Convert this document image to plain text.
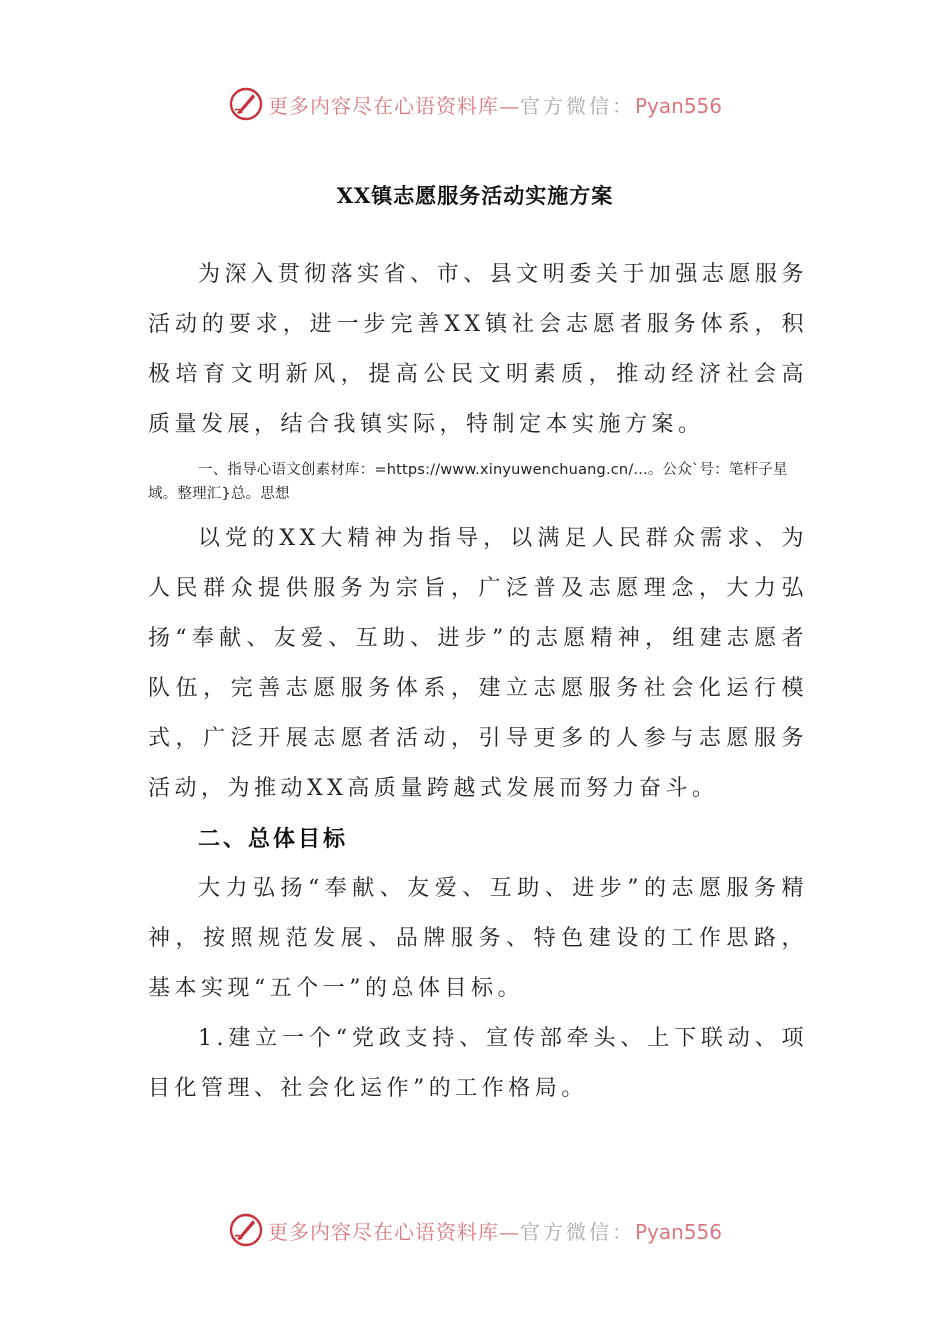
更多内容尽在心语资料库—官方微信：Pyan556
XX镇志愿服务活动实施方案

为深入贯彻落实省、市、县文明委关于加强志愿服务活动的要求，进一步完善XX镇社会志愿者服务体系，积极培育文明新风，提高公民文明素质，推动经济社会高质量发展，结合我镇实际，特制定本实施方案。

一、指导心语文创素材库：=https://www.xinyuwenchuang.cn/...。公众`号：笔杆子星域。整理汇}总。思想

以党的XX大精神为指导，以满足人民群众需求、为人民群众提供服务为宗旨，广泛普及志愿理念，大力弘扬“奉献、友爱、互助、进步”的志愿精神，组建志愿者队伍，完善志愿服务体系，建立志愿服务社会化运行模式，广泛开展志愿者活动，引导更多的人参与志愿服务活动，为推动XX高质量跨越式发展而努力奋斗。

二、总体目标

大力弘扬“奉献、友爱、互助、进步”的志愿服务精神，按照规范发展、品牌服务、特色建设的工作思路，基本实现“五个一”的总体目标。

1.建立一个“党政支持、宣传部牵头、上下联动、项目化管理、社会化运作”的工作格局。

更多内容尽在心语资料库—官方微信：Pyan556
